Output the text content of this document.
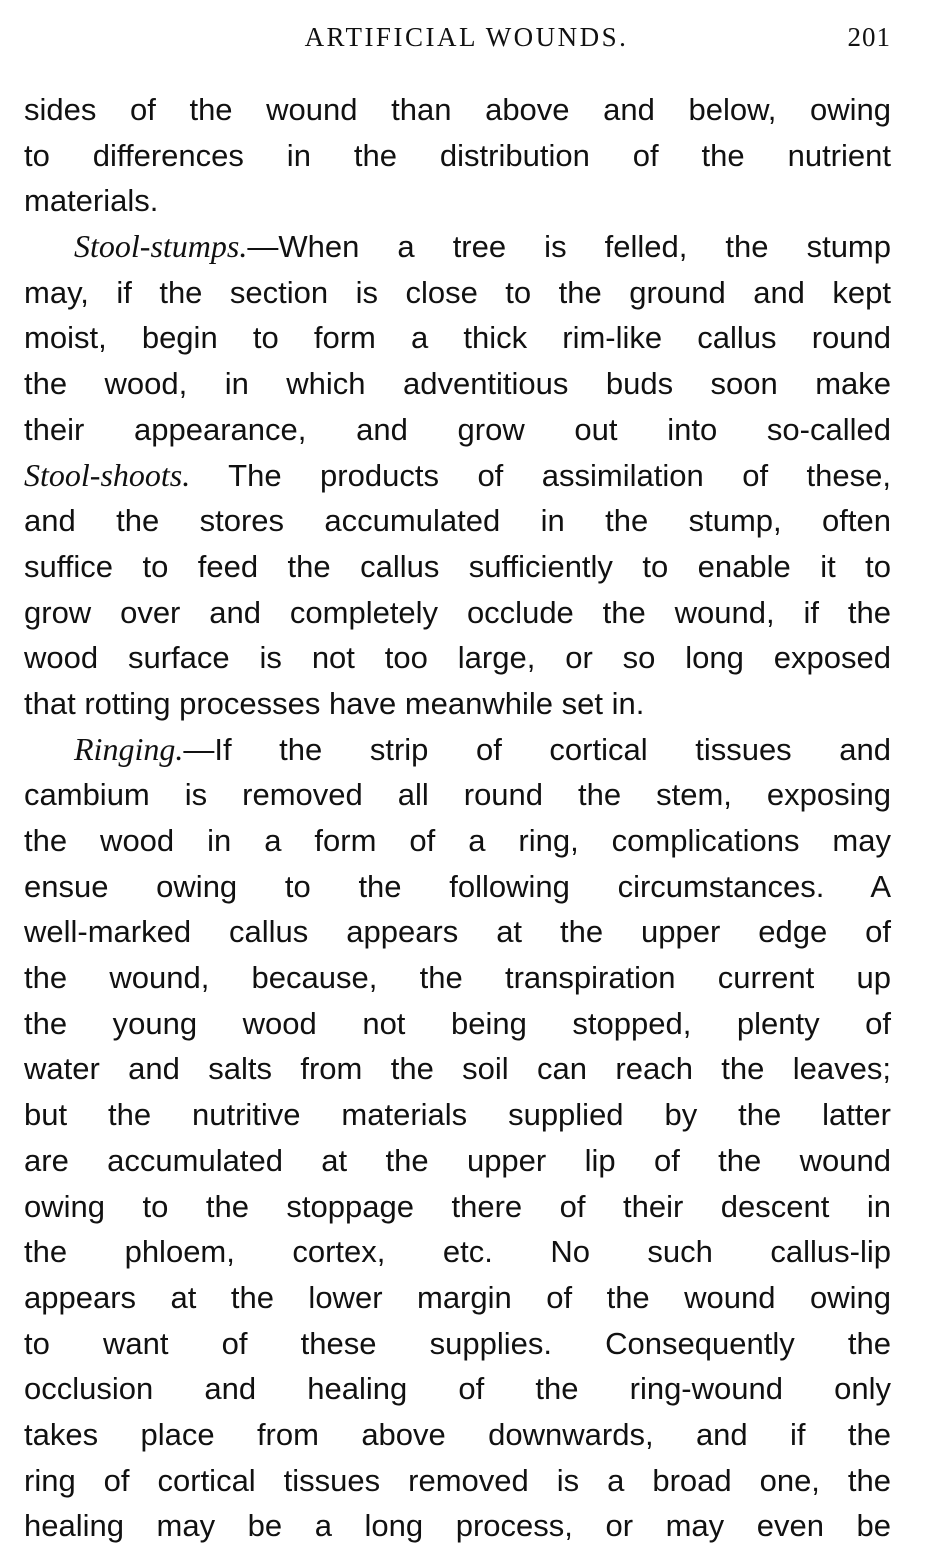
ARTIFICIAL WOUNDS.	201
sides of the wound than above and below, owing
to differences in the distribution of the nutrient
materials.
Stool-stumps.—When a tree is felled, the stump
may, if the section is close to the ground and kept
moist, begin to form a thick rim-like callus round
the wood, in which adventitious buds soon make
their appearance, and grow out into so-called
Stool-shoots. The products of assimilation of these,
and the stores accumulated in the stump, often
suffice to feed the callus sufficiently to enable it to
grow over and completely occlude the wound, if the
wood surface is not too large, or so long exposed
that rotting processes have meanwhile set in.
Ringing.—If the strip of cortical tissues and
cambium is removed all round the stem, exposing
the wood in a form of a ring, complications may
ensue owing to the following circumstances. A
well-marked callus appears at the upper edge of
the wound, because, the transpiration current up
the young wood not being stopped, plenty of
water and salts from the soil can reach the leaves;
but the nutritive materials supplied by the latter
are accumulated at the upper lip of the wound
owing to the stoppage there of their descent in
the phloem, cortex, etc. No such callus-lip
appears at the lower margin of the wound owing
to want of these supplies. Consequently the
occlusion and healing of the ring-wound only
takes place from above downwards, and if the
ring of cortical tissues removed is a broad one, the
healing may be a long process, or may even be
